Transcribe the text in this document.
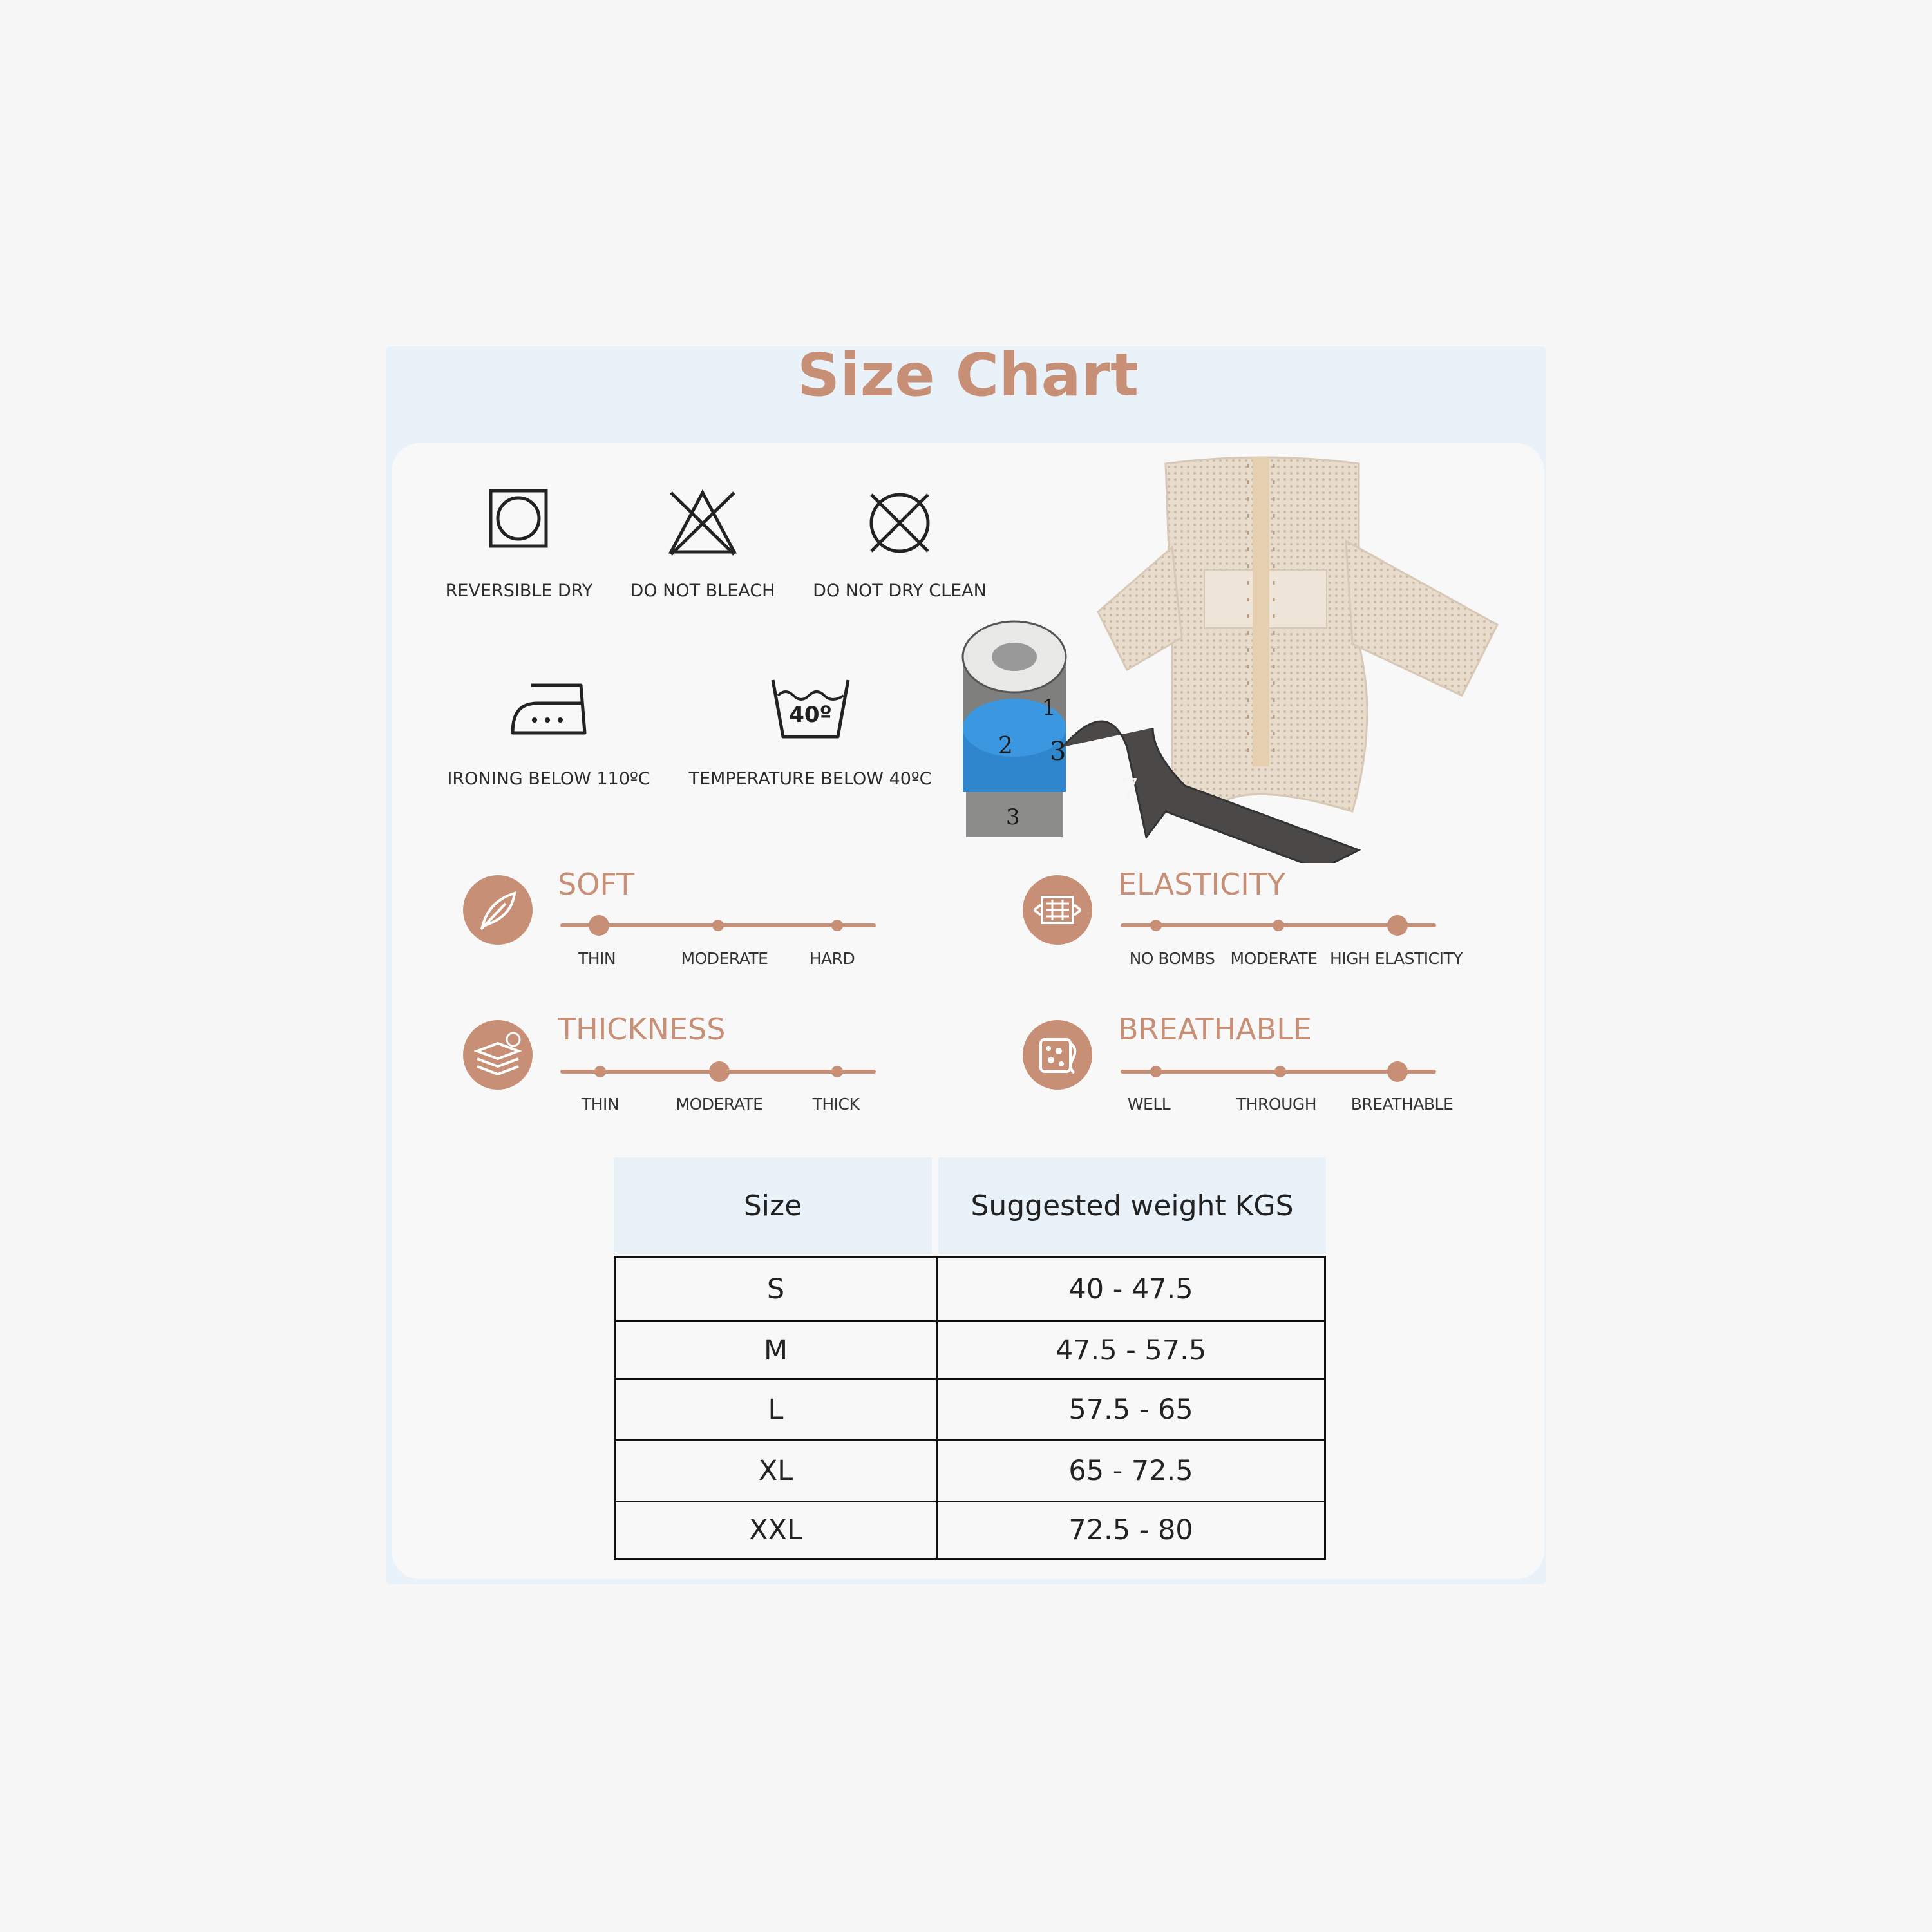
Size Chart
REVERSIBLE DRY DO NOT BLEACH DO NOT DRY CLEAN
IRONING BELOW 110ºC
40º
TEMPERATURE BELOW 40ºC
2 3
1
7
3
SOFT	ELASTICITY
THICKNESS	BREATHABLE
THIN	MODERATE	HARD	NO BOMBS MODERATE HIGH ELASTICITY
THIN	MODERATE	THICK	WELL	THROUGH BREATHABLE
Size	Suggested weight KGS
S	40 - 47.5
M	47.5 - 57.5
L	57.5 - 65
XL	65 - 72.5
XXL	72.5 - 80
